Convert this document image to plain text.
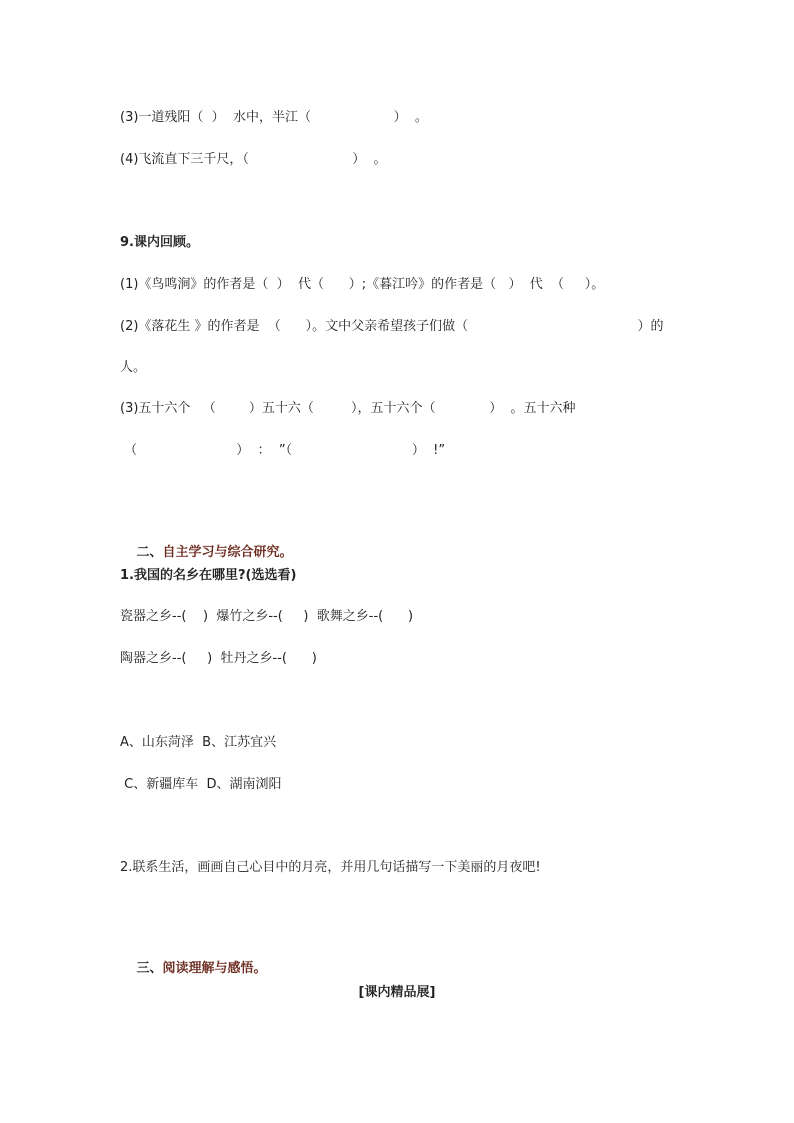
(3)一道残阳（  ）  水中，半江（                    ）  。
(4)飞流直下三千尺，（                         ）  。
9.课内回顾。
(1)《鸟鸣涧》的作者是（  ）  代（      ）;《暮江吟》的作者是（   ）  代  （     ）。
(2)《落花生 》的作者是  （      ）。文中父亲希望孩子们做（                                         ）的
人。
(3)五十六个   （        ）五十六（         ），五十六个（             ）  。五十六种
（                        ）  ：  ”（                             ）  !”

二、自主学习与综合研究。

1.我国的名乡在哪里?(选选看)
瓷器之乡--(    )  爆竹之乡--(     )  歌舞之乡--(      )
陶器之乡--(     )  牡丹之乡--(      )
A、山东菏泽  B、江苏宜兴
C、新疆库车  D、湖南浏阳
2.联系生活，画画自己心目中的月亮，并用几句话描写一下美丽的月夜吧!

三、阅读理解与感悟。

[课内精品展]
